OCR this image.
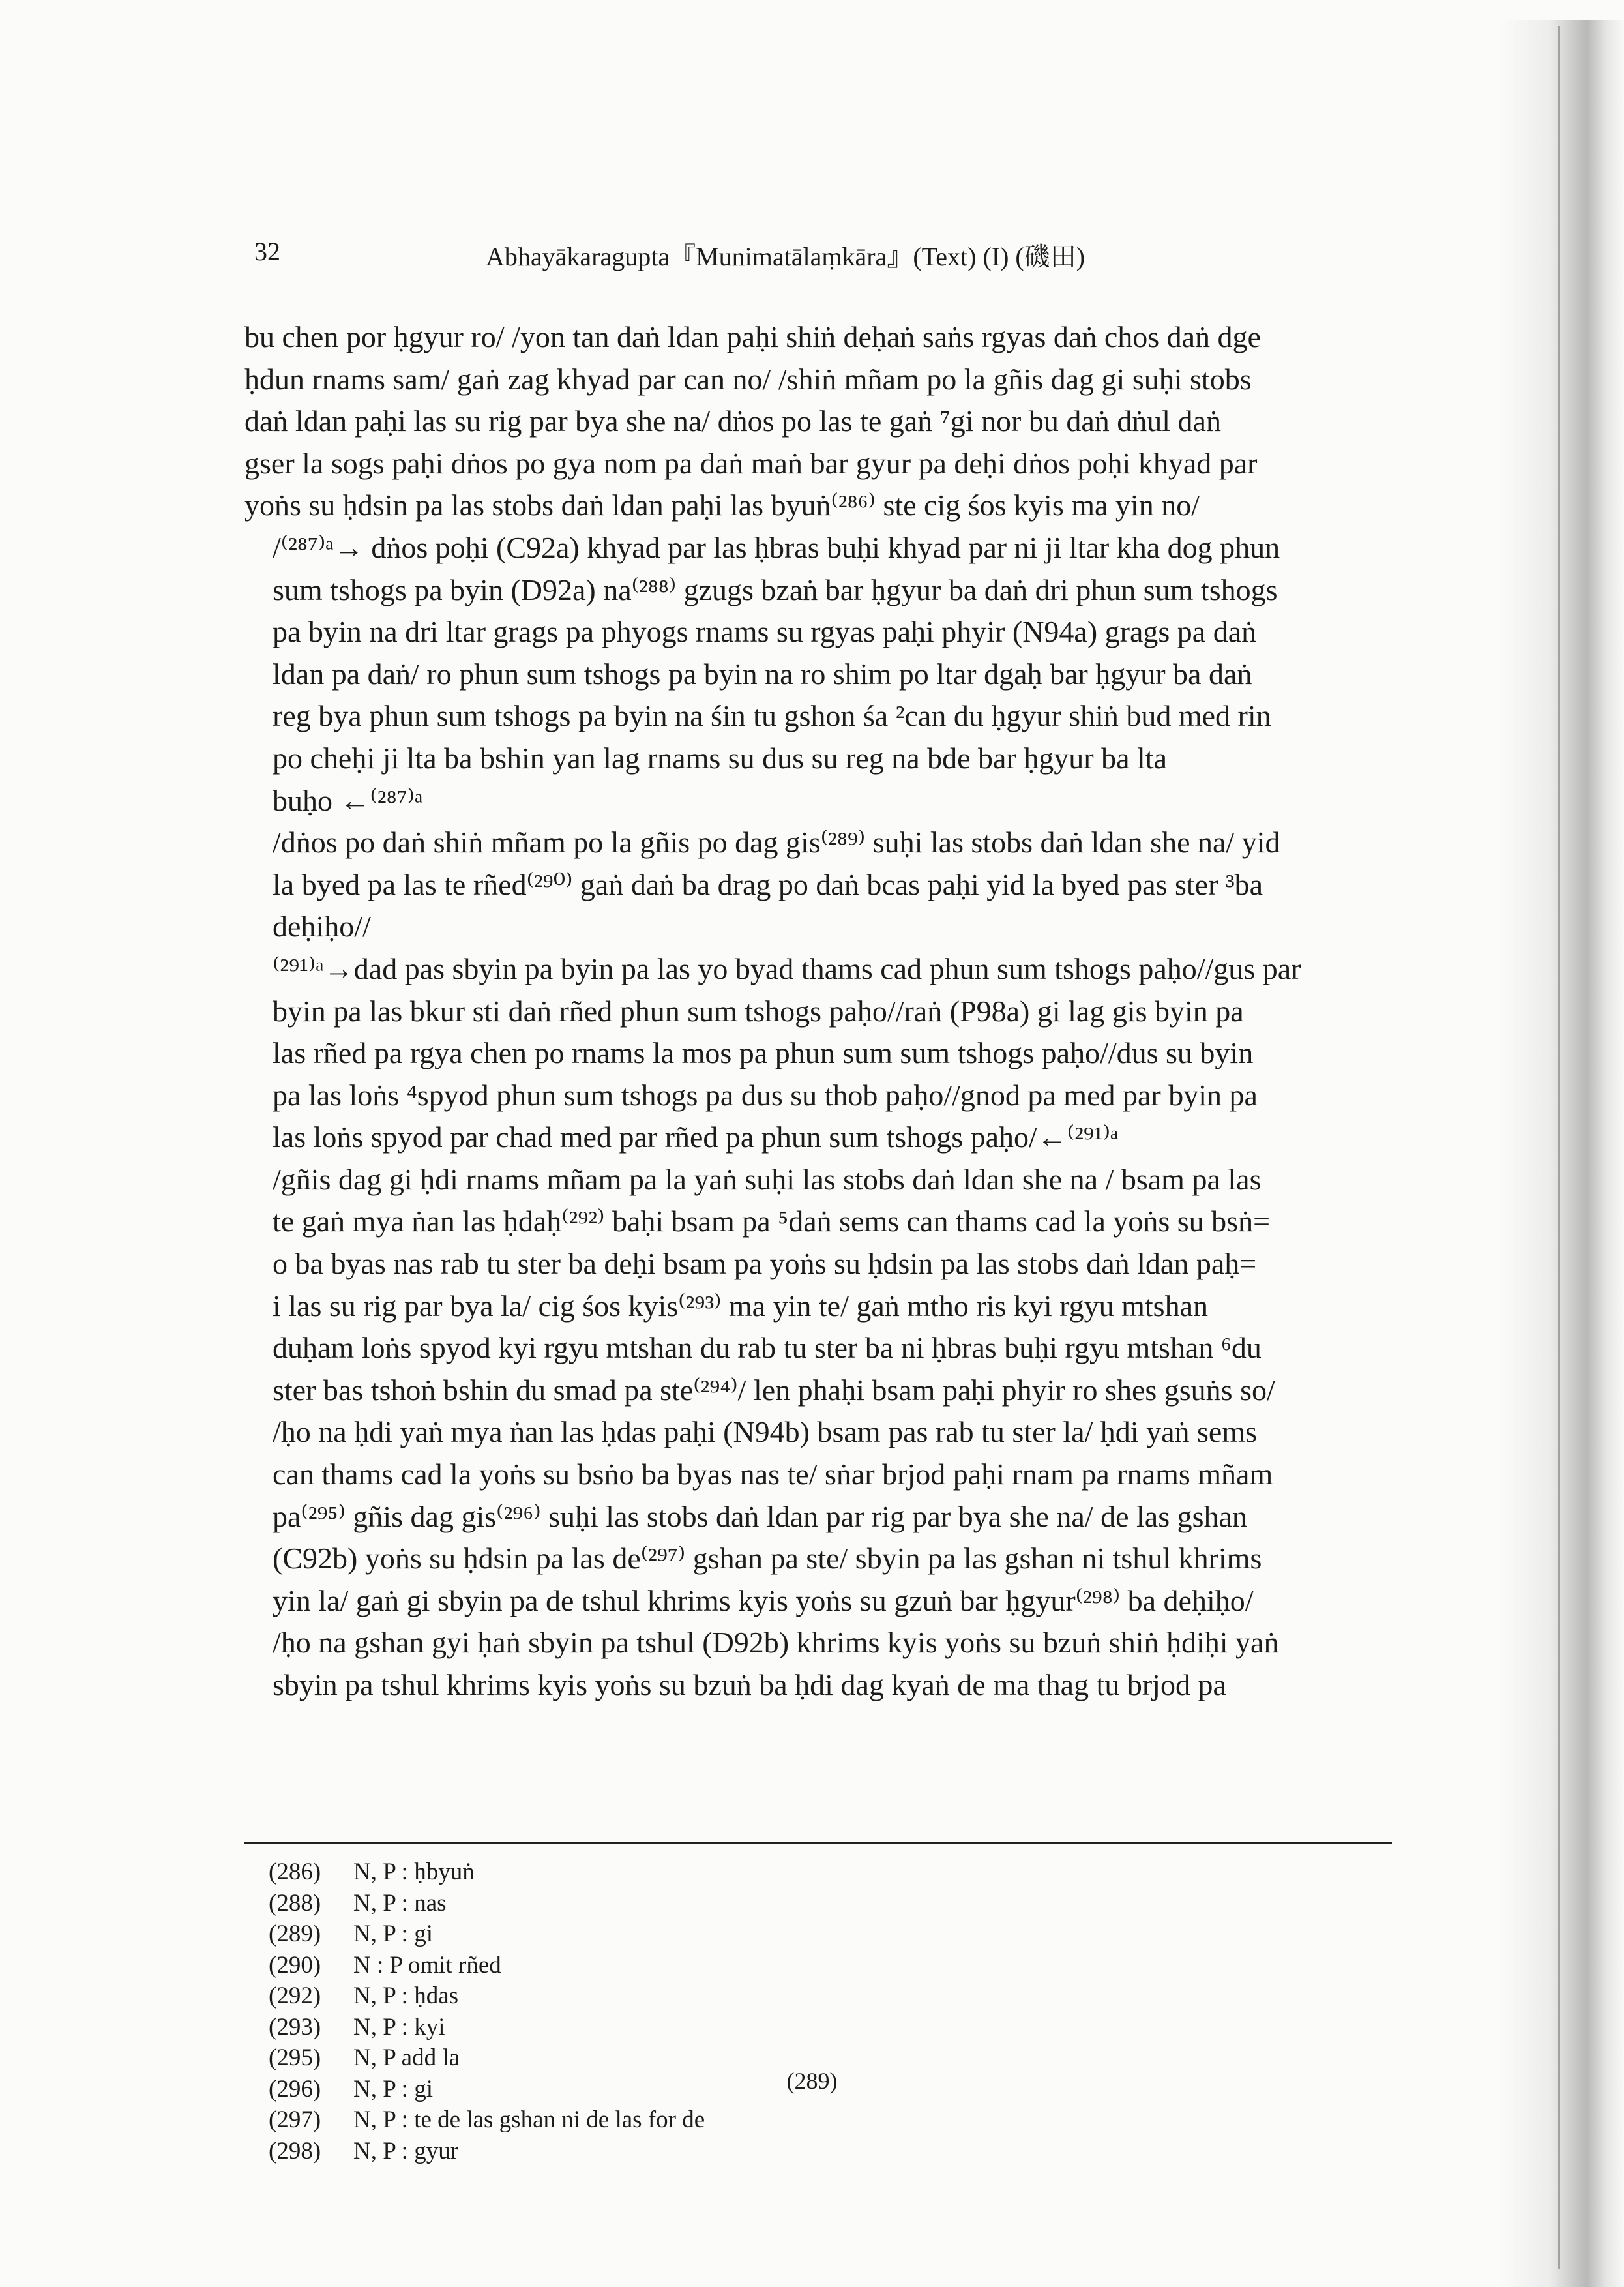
32	Abhayākaragupta『Munimatālaṃkāra』(Text) (I) (磯田)

bu chen por ḥgyur ro/ /yon tan daṅ ldan paḥi shiṅ deḥaṅ saṅs rgyas daṅ chos daṅ dge

ḥdun rnams sam/ gaṅ zag khyad par can no/ /shiṅ mñam po la gñis dag gi suḥi stobs

daṅ ldan paḥi las su rig par bya she na/ dṅos po las te gaṅ ⁷gi nor bu daṅ dṅul daṅ

gser la sogs paḥi dṅos po gya nom pa daṅ maṅ bar gyur pa deḥi dṅos poḥi khyad par

yoṅs su ḥdsin pa las stobs daṅ ldan paḥi las byuṅ⁽²⁸⁶⁾ ste cig śos kyis ma yin no/

/⁽²⁸⁷⁾ᵃ→ dṅos poḥi (C92a) khyad par las ḥbras buḥi khyad par ni ji ltar kha dog phun

sum tshogs pa byin (D92a) na⁽²⁸⁸⁾ gzugs bzaṅ bar ḥgyur ba daṅ dri phun sum tshogs

pa byin na dri ltar grags pa phyogs rnams su rgyas paḥi phyir (N94a) grags pa daṅ

ldan pa daṅ/ ro phun sum tshogs pa byin na ro shim po ltar dgaḥ bar ḥgyur ba daṅ

reg bya phun sum tshogs pa byin na śin tu gshon śa ²can du ḥgyur shiṅ bud med rin

po cheḥi ji lta ba bshin yan lag rnams su dus su reg na bde bar ḥgyur ba lta

buḥo ←⁽²⁸⁷⁾ᵃ

/dṅos po daṅ shiṅ mñam po la gñis po dag gis⁽²⁸⁹⁾ suḥi las stobs daṅ ldan she na/ yid

la byed pa las te rñed⁽²⁹⁰⁾ gaṅ daṅ ba drag po daṅ bcas paḥi yid la byed pas ster ³ba

deḥiḥo//

⁽²⁹¹⁾ᵃ→dad pas sbyin pa byin pa las yo byad thams cad phun sum tshogs paḥo//gus par

byin pa las bkur sti daṅ rñed phun sum tshogs paḥo//raṅ (P98a) gi lag gis byin pa

las rñed pa rgya chen po rnams la mos pa phun sum sum tshogs paḥo//dus su byin

pa las loṅs ⁴spyod phun sum tshogs pa dus su thob paḥo//gnod pa med par byin pa

las loṅs spyod par chad med par rñed pa phun sum tshogs paḥo/←⁽²⁹¹⁾ᵃ

/gñis dag gi ḥdi rnams mñam pa la yaṅ suḥi las stobs daṅ ldan she na / bsam pa las

te gaṅ mya ṅan las ḥdaḥ⁽²⁹²⁾ baḥi bsam pa ⁵daṅ sems can thams cad la yoṅs su bsṅ=

o ba byas nas rab tu ster ba deḥi bsam pa yoṅs su ḥdsin pa las stobs daṅ ldan paḥ=

i las su rig par bya la/ cig śos kyis⁽²⁹³⁾ ma yin te/ gaṅ mtho ris kyi rgyu mtshan

duḥam loṅs spyod kyi rgyu mtshan du rab tu ster ba ni ḥbras buḥi rgyu mtshan ⁶du

ster bas tshoṅ bshin du smad pa ste⁽²⁹⁴⁾/ len phaḥi bsam paḥi phyir ro shes gsuṅs so/

/ḥo na ḥdi yaṅ mya ṅan las ḥdas paḥi (N94b) bsam pas rab tu ster la/ ḥdi yaṅ sems

can thams cad la yoṅs su bsṅo ba byas nas te/ sṅar brjod paḥi rnam pa rnams mñam

pa⁽²⁹⁵⁾ gñis dag gis⁽²⁹⁶⁾ suḥi las stobs daṅ ldan par rig par bya she na/ de las gshan

(C92b) yoṅs su ḥdsin pa las de⁽²⁹⁷⁾ gshan pa ste/ sbyin pa las gshan ni tshul khrims

yin la/ gaṅ gi sbyin pa de tshul khrims kyis yoṅs su gzuṅ bar ḥgyur⁽²⁹⁸⁾ ba deḥiḥo/

/ḥo na gshan gyi ḥaṅ sbyin pa tshul (D92b) khrims kyis yoṅs su bzuṅ shiṅ ḥdiḥi yaṅ

sbyin pa tshul khrims kyis yoṅs su bzuṅ ba ḥdi dag kyaṅ de ma thag tu brjod pa

(286) N, P : ḥbyuṅ
(288) N, P : nas
(289) N, P : gi
(290) N : P omit rñed
(292) N, P : ḥdas
(293) N, P : kyi
(295) N, P add la
(296) N, P : gi
(297) N, P : te de las gshan ni de las for de
(298) N, P : gyur
(289)
